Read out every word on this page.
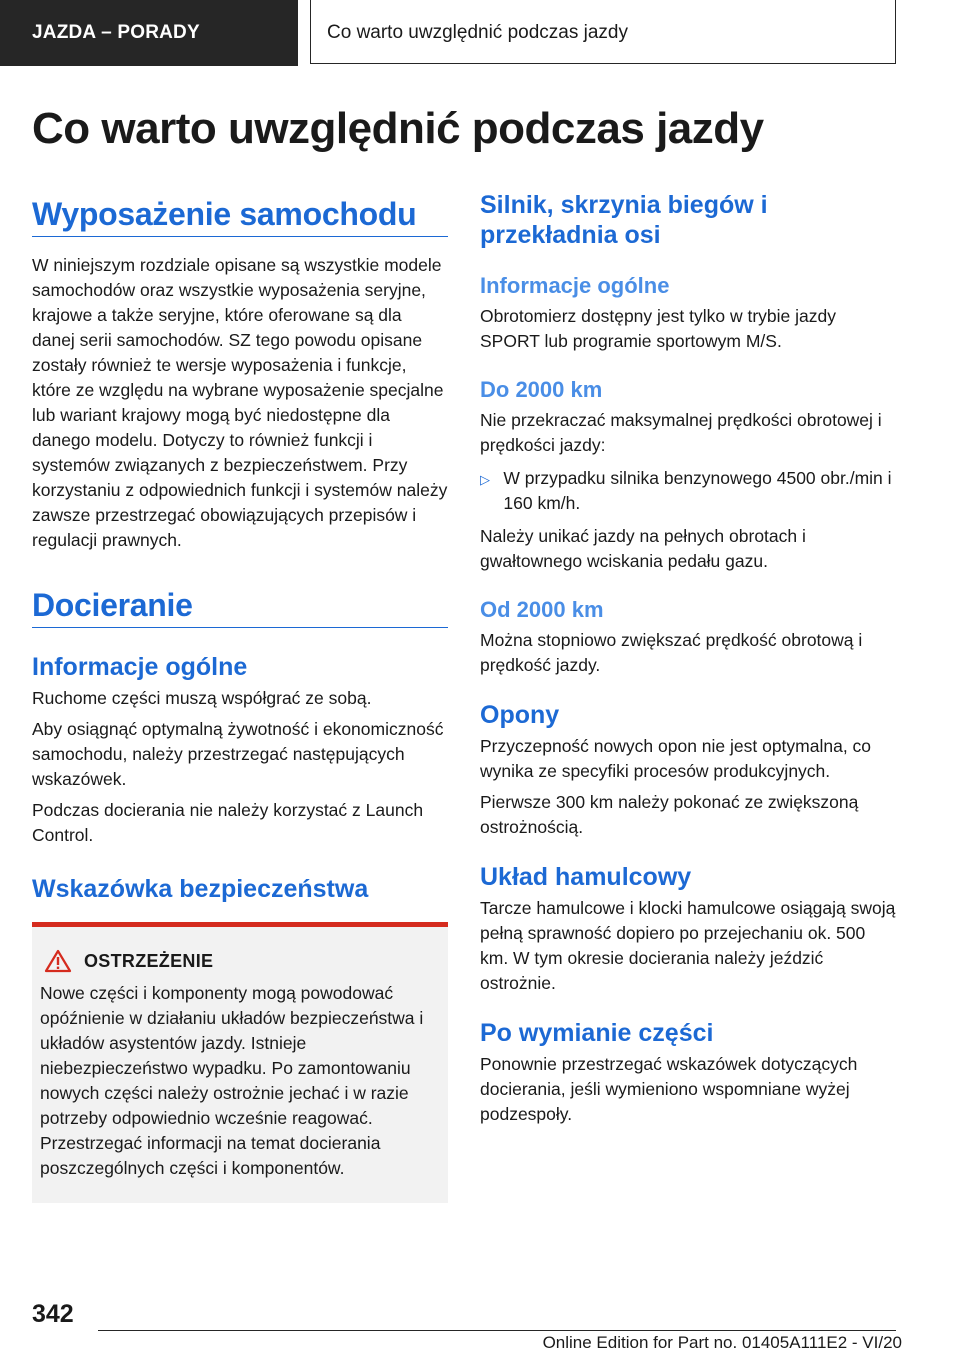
JAZDA – PORADY	Co warto uwzględnić podczas jazdy
Co warto uwzględnić podczas jazdy
Wyposażenie samochodu

W niniejszym rozdziale opisane są wszystkie modele samochodów oraz wszystkie wyposażenia seryjne, krajowe a także seryjne, które oferowane są dla danej serii samochodów. SZ tego powodu opisane zostały również te wersje wyposażenia i funkcje, które ze względu na wybrane wyposażenie specjalne lub wariant krajowy mogą być niedostępne dla danego modelu. Dotyczy to również funkcji i systemów związanych z bezpieczeństwem. Przy korzystaniu z odpowiednich funkcji i systemów należy zawsze przestrzegać obowiązujących przepisów i regulacji prawnych.

Docieranie
Informacje ogólne

Ruchome części muszą współgrać ze sobą.

Aby osiągnąć optymalną żywotność i ekonomiczność samochodu, należy przestrzegać następujących wskazówek.

Podczas docierania nie należy korzystać z Launch Control.

Wskazówka bezpieczeństwa
OSTRZEŻENIE

Nowe części i komponenty mogą powodować opóźnienie w działaniu układów bezpieczeństwa i układów asystentów jazdy. Istnieje niebezpieczeństwo wypadku. Po zamontowaniu nowych części należy ostrożnie jechać i w razie potrzeby odpowiednio wcześnie reagować. Przestrzegać informacji na temat docierania poszczególnych części i komponentów.

Silnik, skrzynia biegów i przekładnia osi
Informacje ogólne

Obrotomierz dostępny jest tylko w trybie jazdy SPORT lub programie sportowym M/S.

Do 2000 km

Nie przekraczać maksymalnej prędkości obrotowej i prędkości jazdy:

▷ W przypadku silnika benzynowego 4500 obr./min i 160 km/h.

Należy unikać jazdy na pełnych obrotach i gwałtownego wciskania pedału gazu.

Od 2000 km

Można stopniowo zwiększać prędkość obrotową i prędkość jazdy.

Opony

Przyczepność nowych opon nie jest optymalna, co wynika ze specyfiki procesów produkcyjnych.

Pierwsze 300 km należy pokonać ze zwiększoną ostrożnością.

Układ hamulcowy

Tarcze hamulcowe i klocki hamulcowe osiągają swoją pełną sprawność dopiero po przejechaniu ok. 500 km. W tym okresie docierania należy jeździć ostrożnie.

Po wymianie części

Ponownie przestrzegać wskazówek dotyczących docierania, jeśli wymieniono wspomniane wyżej podzespoły.

342
Online Edition for Part no. 01405A111E2 - VI/20
